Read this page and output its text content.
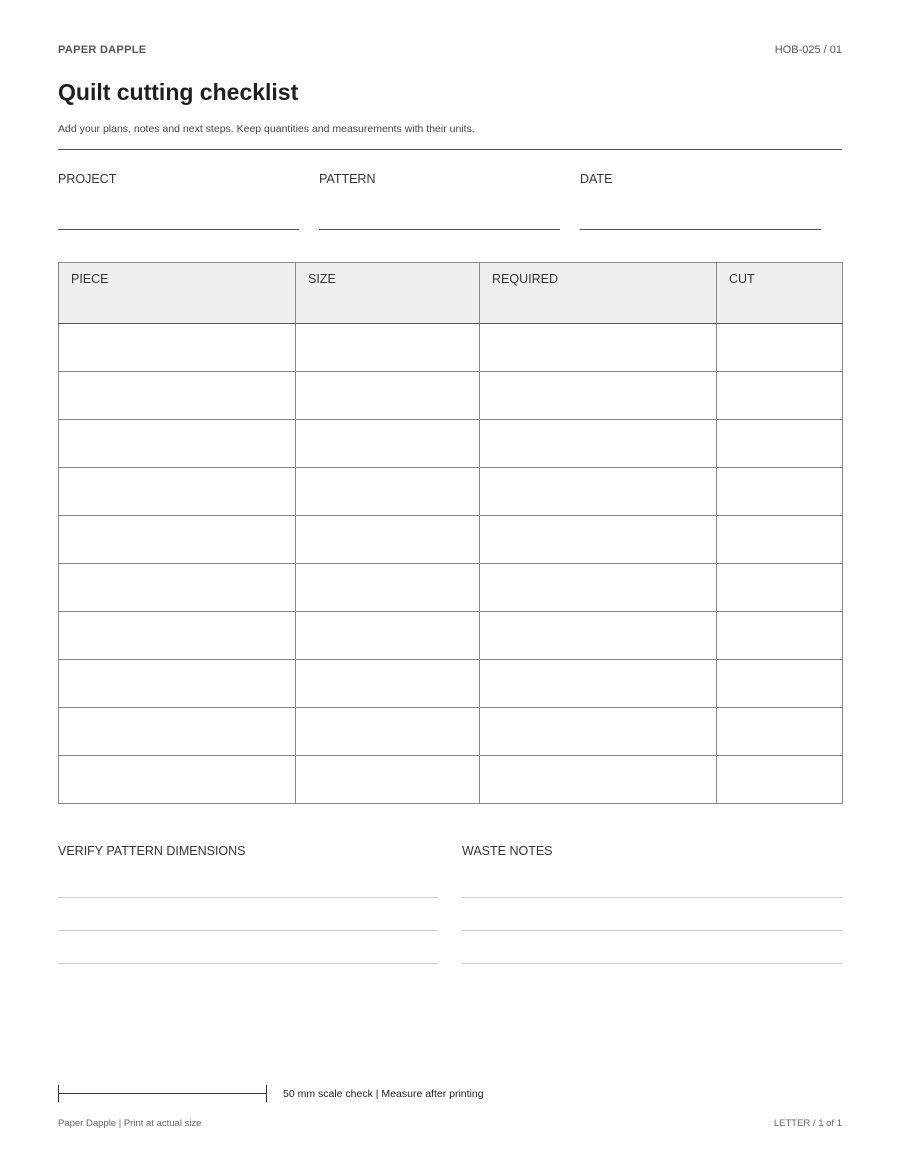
PAPER DAPPLE	HOB-025 / 01
Quilt cutting checklist
Add your plans, notes and next steps. Keep quantities and measurements with their units.
PROJECT	PATTERN	DATE
PIECE	SIZE	REQUIRED	CUT

VERIFY PATTERN DIMENSIONS	WASTE NOTES
50 mm scale check | Measure after printing
Paper Dapple | Print at actual size	LETTER / 1 of 1
